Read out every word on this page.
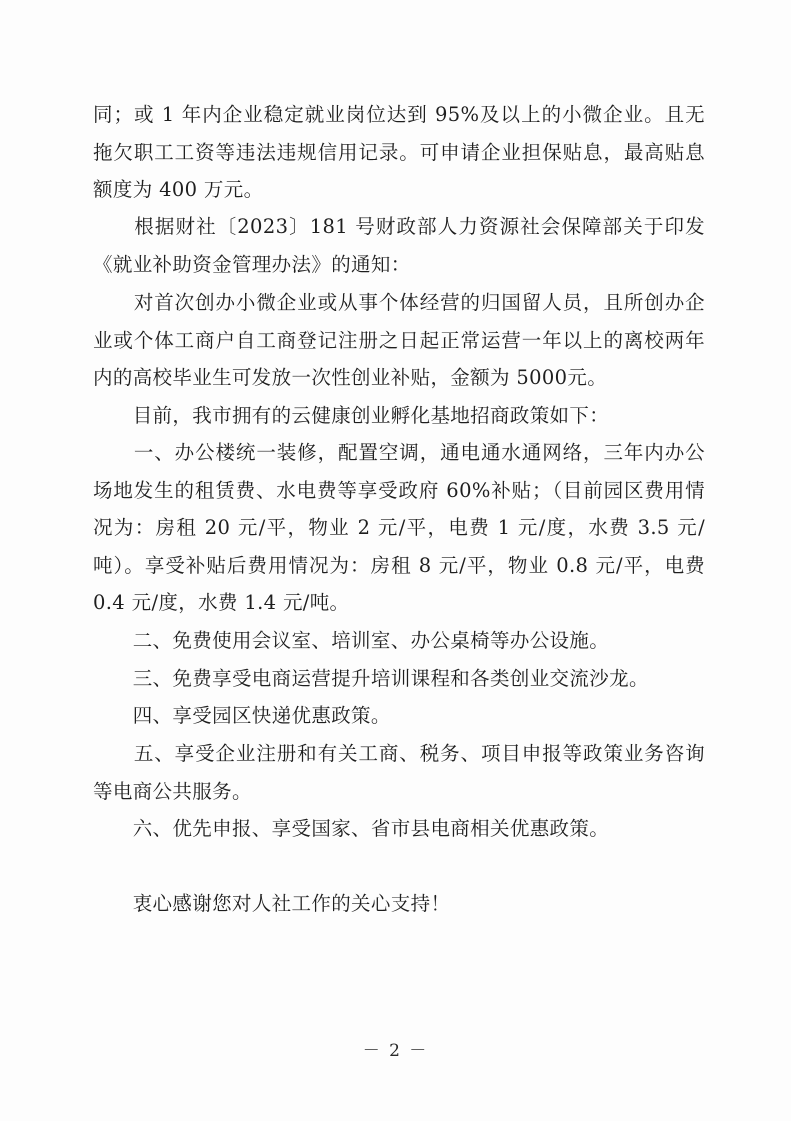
同；或 1 年内企业稳定就业岗位达到 95%及以上的小微企业。且无拖欠职工工资等违法违规信用记录。可申请企业担保贴息，最高贴息额度为 400 万元。

　　根据财社〔2023〕181 号财政部人力资源社会保障部关于印发《就业补助资金管理办法》的通知：

　　对首次创办小微企业或从事个体经营的归国留人员，且所创办企业或个体工商户自工商登记注册之日起正常运营一年以上的离校两年内的高校毕业生可发放一次性创业补贴，金额为 5000元。

　　目前，我市拥有的云健康创业孵化基地招商政策如下：

　　一、办公楼统一装修，配置空调，通电通水通网络，三年内办公场地发生的租赁费、水电费等享受政府 60%补贴；（目前园区费用情况为：房租 20 元/平，物业 2 元/平，电费 1 元/度，水费 3.5 元/吨）。享受补贴后费用情况为：房租 8 元/平，物业 0.8 元/平，电费 0.4 元/度，水费 1.4 元/吨。

　　二、免费使用会议室、培训室、办公桌椅等办公设施。

　　三、免费享受电商运营提升培训课程和各类创业交流沙龙。

　　四、享受园区快递优惠政策。

　　五、享受企业注册和有关工商、税务、项目申报等政策业务咨询等电商公共服务。

　　六、优先申报、享受国家、省市县电商相关优惠政策。

　　衷心感谢您对人社工作的关心支持！

－ 2 －
